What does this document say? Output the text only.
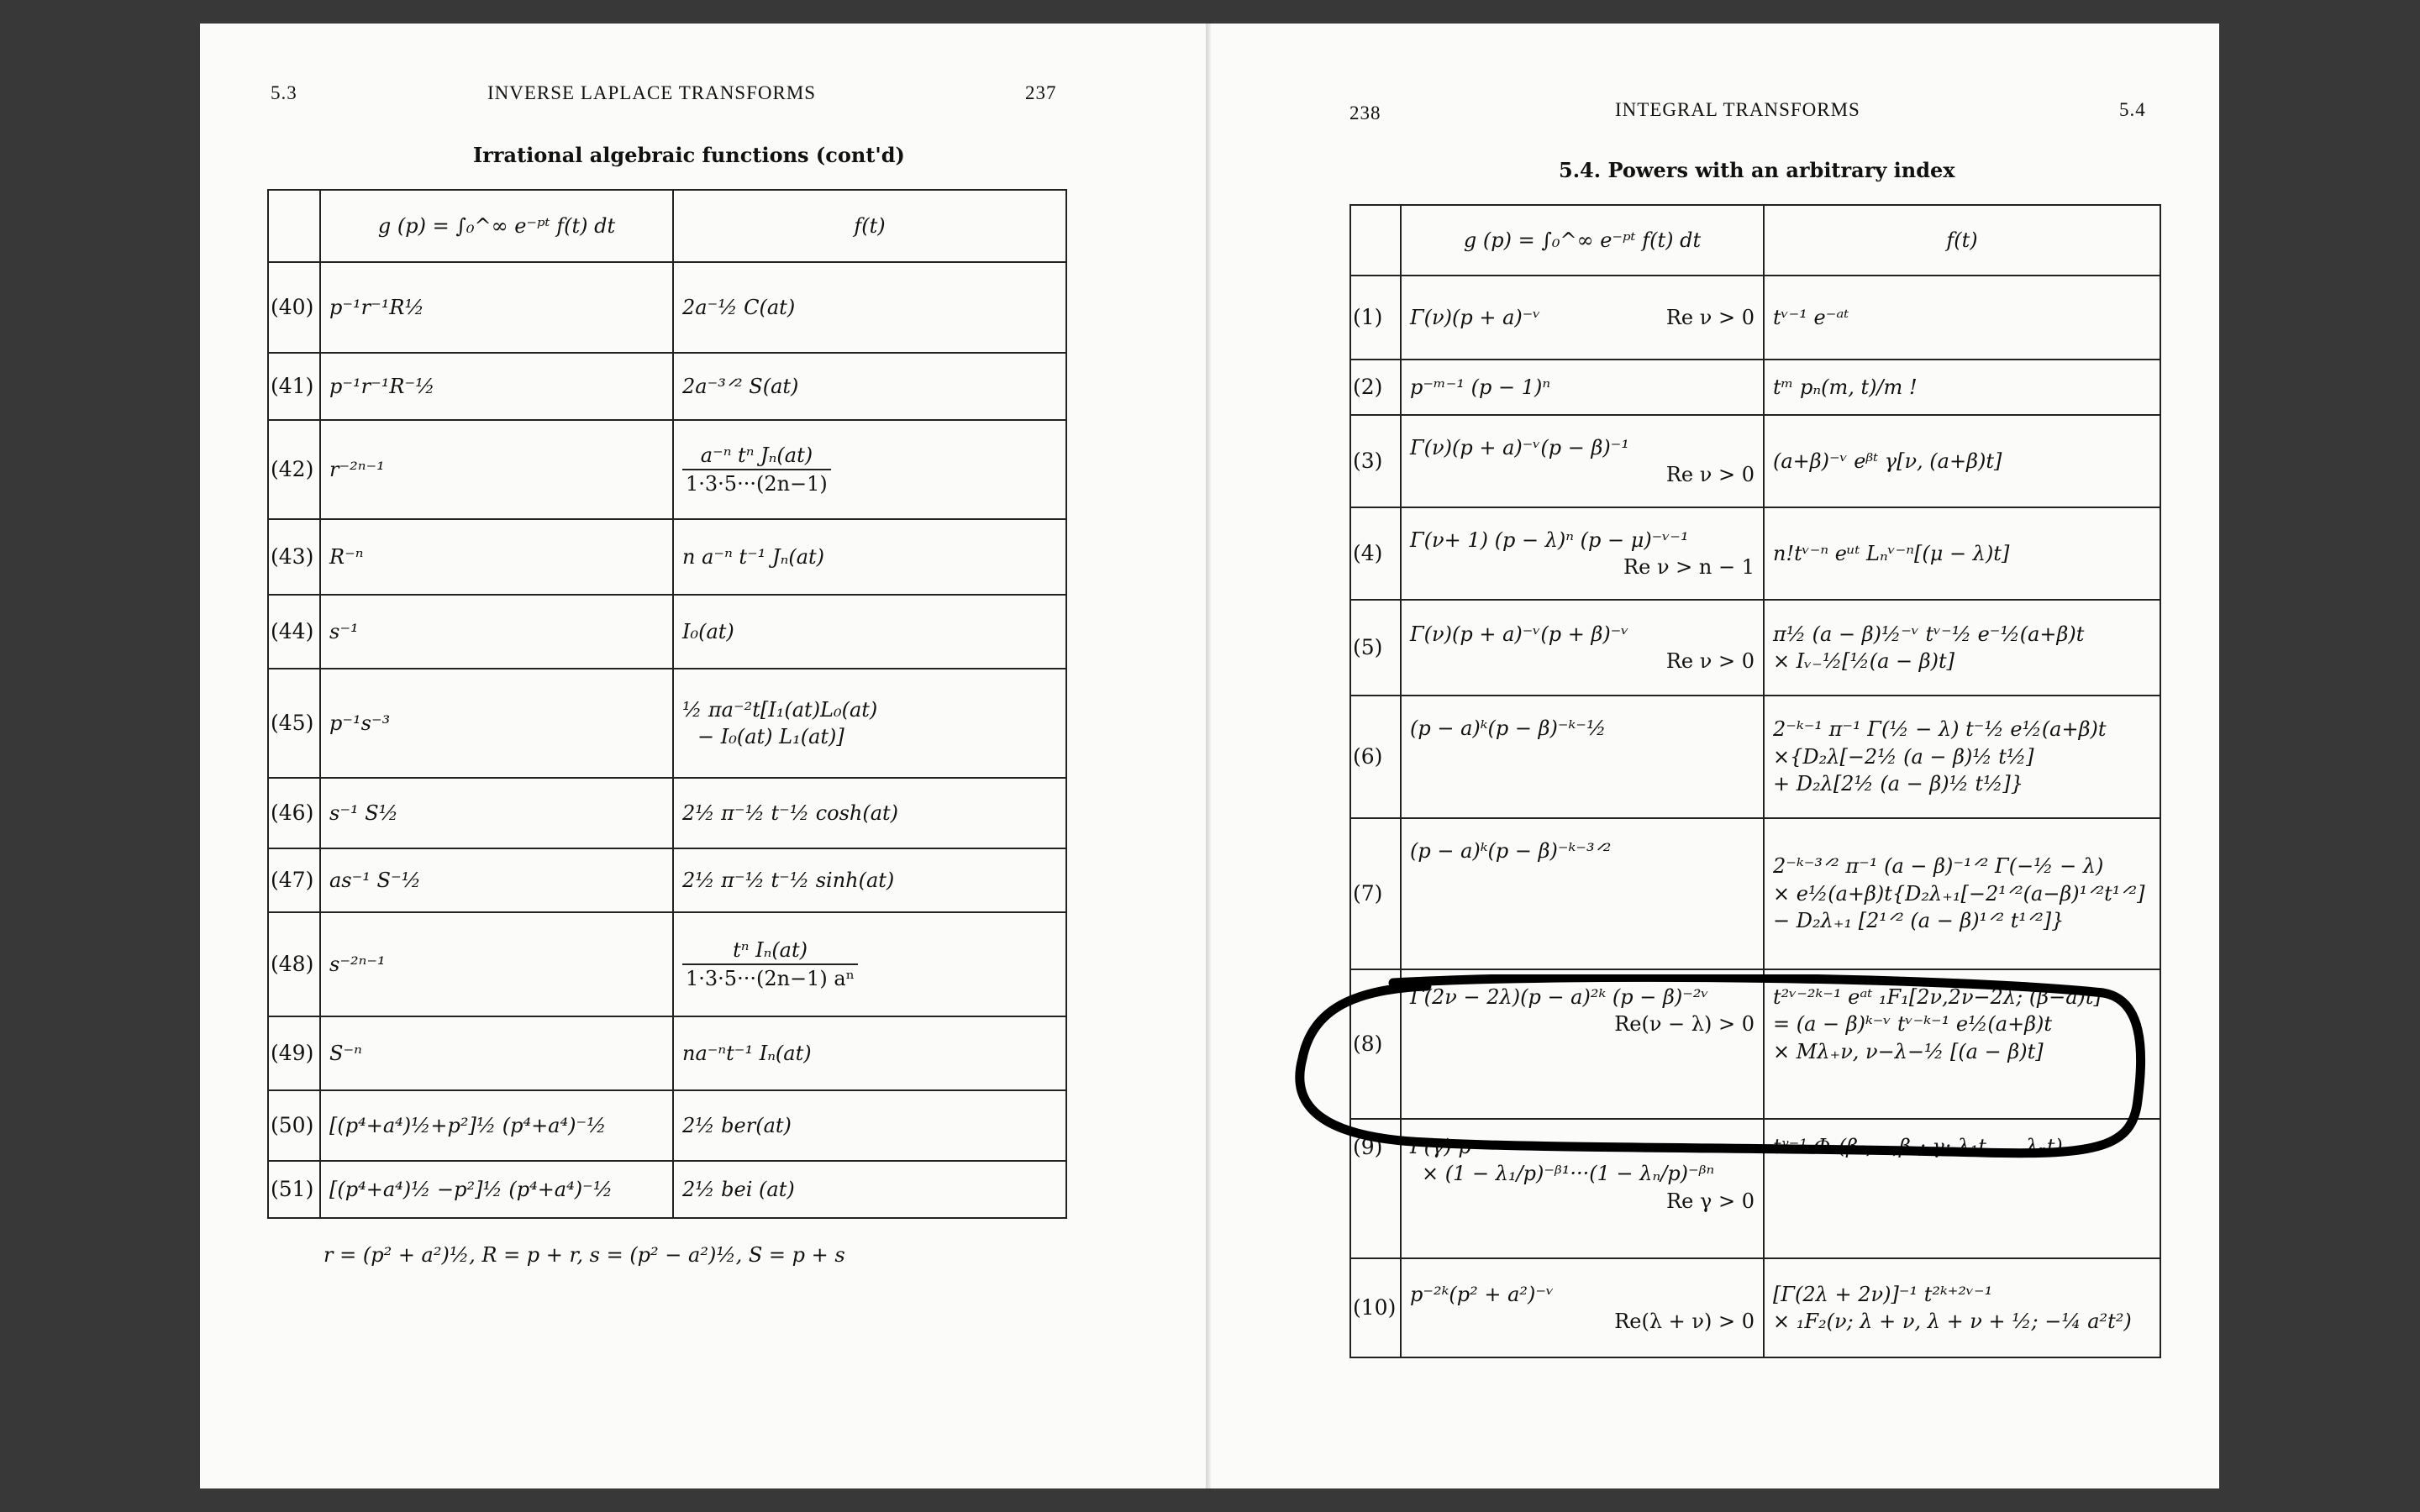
5.3	INVERSE LAPLACE TRANSFORMS	237
Irrational algebraic functions (cont'd)
	g (p) = ∫₀^∞ e⁻ᵖᵗ f(t) dt	f(t)
(40)	p⁻¹r⁻¹R½	2a⁻½ C(at)
(41)	p⁻¹r⁻¹R⁻½	2a⁻³ᐟ² S(at)
(42)	r⁻²ⁿ⁻¹	$\frac{\text{a⁻ⁿ tⁿ Jₙ(at)}}{1\cdot 3\cdot 5\cdot\cdot\cdot(2n-1)}$

(43)	R⁻ⁿ	n a⁻ⁿ t⁻¹ Jₙ(at)
(44)	s⁻¹	I₀(at)
(45)	p⁻¹s⁻³	½ πa⁻²t[I₁(at)L₀(at)
− I₀(at) L₁(at)]

(46)	s⁻¹ S½	2½ π⁻½ t⁻½ cosh(at)
(47)	as⁻¹ S⁻½	2½ π⁻½ t⁻½ sinh(at)
(48)	s⁻²ⁿ⁻¹	$\frac{\text{tⁿ Iₙ(at)}}{\text{1·3·5···(2n−1) aⁿ}}$

(49)	S⁻ⁿ	na⁻ⁿt⁻¹ Iₙ(at)
(50)	[(p⁴+a⁴)½+p²]½ (p⁴+a⁴)⁻½	2½ ber(at)
(51)	[(p⁴+a⁴)½ −p²]½ (p⁴+a⁴)⁻½	2½ bei (at)
r = (p² + a²)½, R = p + r, s = (p² − a²)½, S = p + s
238	INTEGRAL TRANSFORMS	5.4
5.4. Powers with an arbitrary index
	g (p) = ∫₀^∞ e⁻ᵖᵗ f(t) dt	f(t)
(1)	Γ(ν)(p + a)⁻ᵛ Re ν > 0	tᵛ⁻¹ e⁻ᵃᵗ
(2)	p⁻ᵐ⁻¹ (p − 1)ⁿ	tᵐ pₙ(m, t)/m !
(3)	Γ(ν)(p + a)⁻ᵛ(p − β)⁻¹
Re ν > 0	(a+β)⁻ᵛ eᵝᵗ γ[ν, (a+β)t]
(4)	Γ(ν+ 1) (p − λ)ⁿ (p − μ)⁻ᵛ⁻¹
Re ν > n − 1	n!tᵛ⁻ⁿ eᵘᵗ Lₙᵛ⁻ⁿ[(μ − λ)t]
(5)	Γ(ν)(p + a)⁻ᵛ(p + β)⁻ᵛ
Re ν > 0	π½ (a − β)½⁻ᵛ tᵛ⁻½ e⁻½(a+β)t
× Iᵥ₋½[½(a − β)t]

(6)	(p − a)ᵏ(p − β)⁻ᵏ⁻½	2⁻ᵏ⁻¹ π⁻¹ Γ(½ − λ) t⁻½ e½(a+β)t
×{D₂λ[−2½ (a − β)½ t½]
+ D₂λ[2½ (a − β)½ t½]}

(7)	(p − a)ᵏ(p − β)⁻ᵏ⁻³ᐟ²	2⁻ᵏ⁻³ᐟ² π⁻¹ (a − β)⁻¹ᐟ² Γ(−½ − λ)
× e½(a+β)t{D₂λ₊₁[−2¹ᐟ²(a−β)¹ᐟ²t¹ᐟ²]
− D₂λ₊₁ [2¹ᐟ² (a − β)¹ᐟ² t¹ᐟ²]}

(8)	Γ(2ν − 2λ)(p − a)²ᵏ (p − β)⁻²ᵛ
Re(ν − λ) > 0	t²ᵛ⁻²ᵏ⁻¹ eᵃᵗ ₁F₁[2ν,2ν−2λ; (β−a)t]
= (a − β)ᵏ⁻ᵛ tᵛ⁻ᵏ⁻¹ e½(a+β)t
× Mλ₊ν, ν−λ−½ [(a − β)t]

(9)	Γ(γ) p⁻ᵞ
× (1 − λ₁/p)⁻ᵝ¹···(1 − λₙ/p)⁻ᵝⁿ
Re γ > 0	tᵞ⁻¹ Φ₂(β₁,…,βₙ; γ; λ₁t,…, λₙt)
(10)	p⁻²ᵏ(p² + a²)⁻ᵛ
Re(λ + ν) > 0	[Γ(2λ + 2ν)]⁻¹ t²ᵏ⁺²ᵛ⁻¹
× ₁F₂(ν; λ + ν, λ + ν + ½; −¼ a²t²)
